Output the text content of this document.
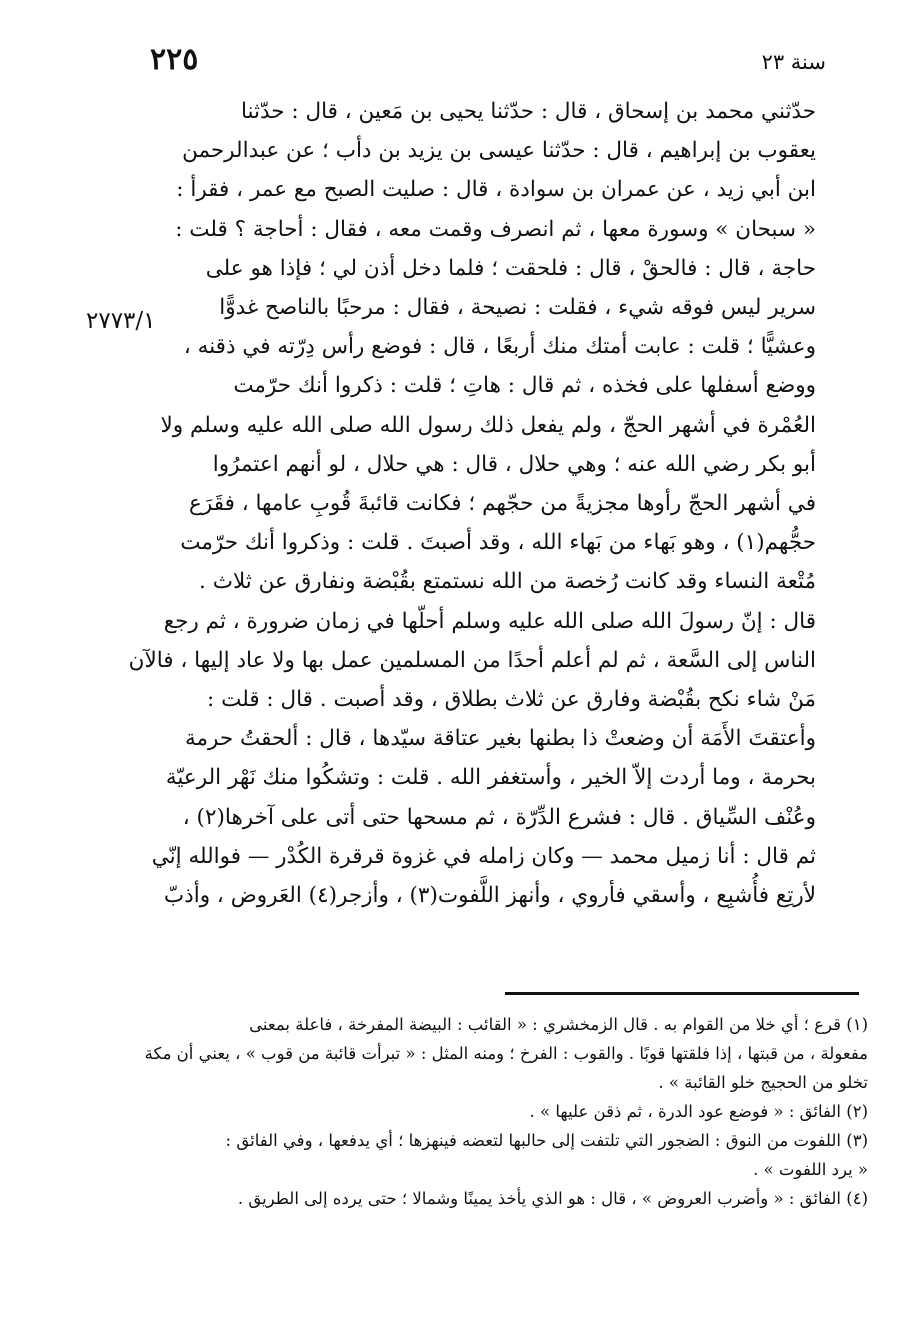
٢٢٥	سنة ٢٣
٢٧٧٣/١
حدّثني محمد بن إسحاق ، قال : حدّثنا يحيى بن مَعين ، قال : حدّثنا
يعقوب بن إبراهيم ، قال : حدّثنا عيسى بن يزيد بن دأب ؛ عن عبدالرحمن
ابن أبي زيد ، عن عمران بن سوادة ، قال : صليت الصبح مع عمر ، فقرأ :
« سبحان » وسورة معها ، ثم انصرف وقمت معه ، فقال : أحاجة ؟ قلت :
حاجة ، قال : فالحقْ ، قال : فلحقت ؛ فلما دخل أذن لي ؛ فإذا هو على
سرير ليس فوقه شيء ، فقلت : نصيحة ، فقال : مرحبًا بالناصح غدوًّا
وعشيًّا ؛ قلت : عابت أمتك منك أربعًا ، قال : فوضع رأس دِرّته في ذقنه ،
ووضع أسفلها على فخذه ، ثم قال : هاتِ ؛ قلت : ذكروا أنك حرّمت
العُمْرة في أشهر الحجّ ، ولم يفعل ذلك رسول الله صلى الله عليه وسلم ولا
أبو بكر رضي الله عنه ؛ وهي حلال ، قال : هي حلال ، لو أنهم اعتمرُوا
في أشهر الحجّ رأوها مجزيةً من حجّهم ؛ فكانت قائبةَ قُوبِ عامها ، فقَرَع
حجُّهم(١) ، وهو بَهاء من بَهاء الله ، وقد أصبتَ . قلت : وذكروا أنك حرّمت
مُتْعة النساء وقد كانت رُخصة من الله نستمتع بقُبْضة ونفارق عن ثلاث .
قال : إنّ رسولَ الله صلى الله عليه وسلم أحلّها في زمان ضرورة ، ثم رجع
الناس إلى السَّعة ، ثم لم أعلم أحدًا من المسلمين عمل بها ولا عاد إليها ، فالآن
مَنْ شاء نكح بقُبْضة وفارق عن ثلاث بطلاق ، وقد أصبت . قال : قلت :
وأعتقتَ الأَمَة أن وضعتْ ذا بطنها بغير عتاقة سيّدها ، قال : ألحقتُ حرمة
بحرمة ، وما أردت إلاّ الخير ، وأستغفر الله . قلت : وتشكُوا منك نَهْر الرعيّة
وعُنْف السِّياق . قال : فشرع الدِّرّة ، ثم مسحها حتى أتى على آخرها(٢) ،
ثم قال : أنا زميل محمد — وكان زامله في غزوة قرقرة الكُدْر — فوالله إنّي
لأرتِع فأُشبِع ، وأسقي فأروي ، وأنهز اللَّفوت(٣) ، وأزجر(٤) العَروض ، وأذبّ
(١) قرع ؛ أي خلا من القوام به . قال الزمخشري : « القائب : البيضة المفرخة ، فاعلة بمعنى
مفعولة ، من قبتها ، إذا فلقتها قوبًا . والقوب : الفرخ ؛ ومنه المثل : « تبرأت قائبة من قوب » ، يعني أن مكة
تخلو من الحجيج خلو القائبة » .
(٢) الفائق : « فوضع عود الدرة ، ثم ذقن عليها » .
(٣) اللفوت من النوق : الضجور التي تلتفت إلى حالبها لتعضه فينهزها ؛ أي يدفعها ، وفي الفائق :
« يرد اللفوت » .
(٤) الفائق : « وأضرب العروض » ، قال : هو الذي يأخذ يمينًا وشمالا ؛ حتى يرده إلى الطريق .
